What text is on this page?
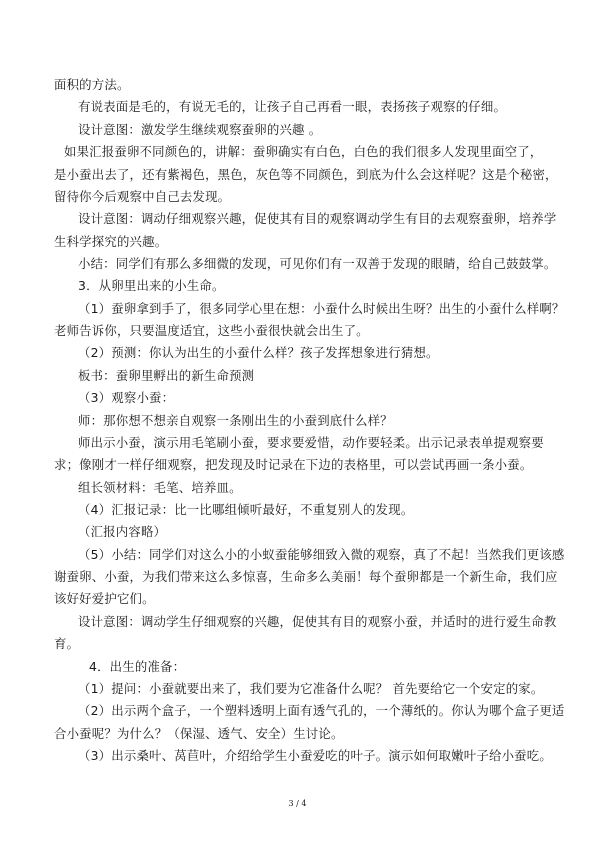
面积的方法。
有说表面是毛的，有说无毛的，让孩子自己再看一眼，表扬孩子观察的仔细。
设计意图：激发学生继续观察蚕卵的兴趣 。
如果汇报蚕卵不同颜色的，讲解：蚕卵确实有白色，白色的我们很多人发现里面空了，
是小蚕出去了，还有紫褐色，黑色，灰色等不同颜色，到底为什么会这样呢？这是个秘密，
留待你今后观察中自己去发现。
设计意图：调动仔细观察兴趣，促使其有目的观察调动学生有目的去观察蚕卵，培养学
生科学探究的兴趣。
小结：同学们有那么多细微的发现，可见你们有一双善于发现的眼睛，给自己鼓鼓掌。
3．从卵里出来的小生命。
（1）蚕卵拿到手了，很多同学心里在想：小蚕什么时候出生呀？出生的小蚕什么样啊？
老师告诉你，只要温度适宜，这些小蚕很快就会出生了。
（2）预测：你认为出生的小蚕什么样？孩子发挥想象进行猜想。
板书：蚕卵里孵出的新生命预测
（3）观察小蚕：
师：那你想不想亲自观察一条刚出生的小蚕到底什么样？
师出示小蚕，演示用毛笔刷小蚕，要求要爱惜，动作要轻柔。出示记录表单提观察要
求；像刚才一样仔细观察，把发现及时记录在下边的表格里，可以尝试再画一条小蚕。
组长领材料：毛笔、培养皿。
（4）汇报记录：比一比哪组倾听最好，不重复别人的发现。
（汇报内容略）
（5）小结：同学们对这么小的小蚁蚕能够细致入微的观察，真了不起！当然我们更该感
谢蚕卵、小蚕，为我们带来这么多惊喜，生命多么美丽！每个蚕卵都是一个新生命，我们应
该好好爱护它们。
设计意图：调动学生仔细观察的兴趣，促使其有目的观察小蚕，并适时的进行爱生命教
育。
4．出生的准备：
（1）提问：小蚕就要出来了，我们要为它准备什么呢？ 首先要给它一个安定的家。
（2）出示两个盒子，一个塑料透明上面有透气孔的，一个薄纸的。你认为哪个盒子更适
合小蚕呢？为什么？（保湿、透气、安全）生讨论。
（3）出示桑叶、莴苣叶，介绍给学生小蚕爱吃的叶子。演示如何取嫩叶子给小蚕吃。
3 / 4
